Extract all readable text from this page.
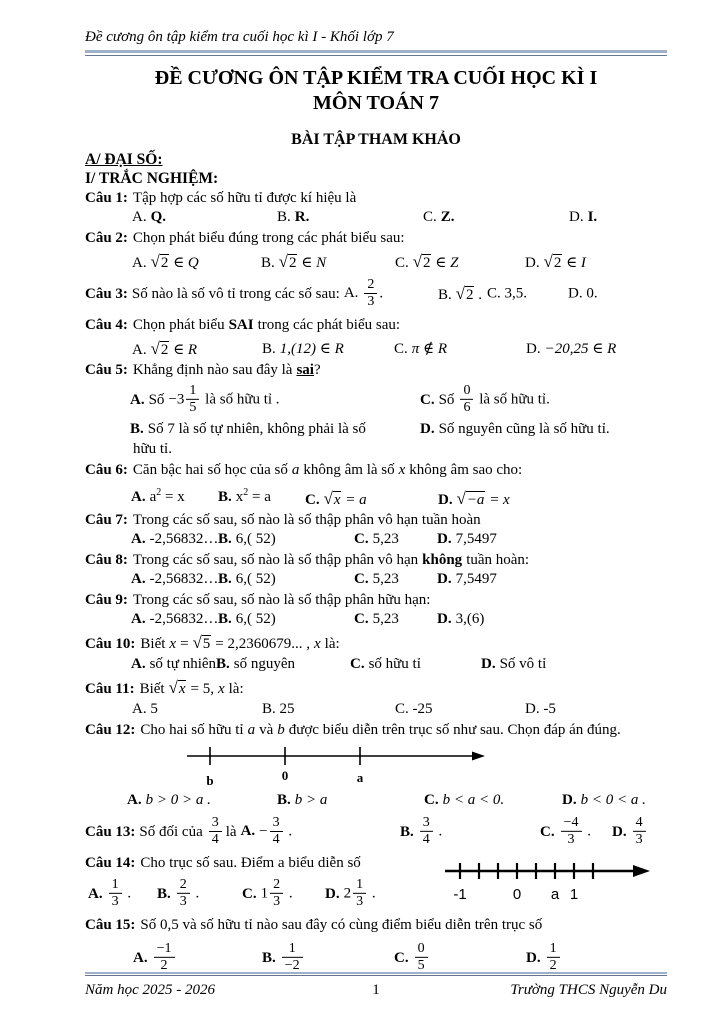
Đề cương ôn tập kiểm tra cuối học kì I - Khối lớp 7
ĐỀ CƯƠNG ÔN TẬP KIỂM TRA CUỐI HỌC KÌ I
MÔN TOÁN 7
BÀI TẬP THAM KHẢO
A/ ĐẠI SỐ:
I/ TRẮC NGHIỆM:
Câu 1: Tập hợp các số hữu tỉ được kí hiệu là
A. Q.	B. R.	C. Z.	D. I.
Câu 2: Chọn phát biểu đúng trong các phát biểu sau:
A. √2 ∈ Q	B. √2 ∈ N	C. √2 ∈ Z	D. √2 ∈ I
Câu 3: Số nào là số vô tỉ trong các số sau: A. $\frac{2}{3}$ .	B. √2 . C. 3,5.	D. 0.
Câu 4: Chọn phát biểu SAI trong các phát biểu sau:
A. √2 ∈ R	B. 1,(12) ∈ R	C. π ∉ R	D. −20,25 ∈ R
Câu 5: Khẳng định nào sau đây là sai?
A. Số $-3 \frac{1}{5}$ là số hữu tỉ .	C. Số $\frac{0}{6}$ là số hữu tỉ.
B. Số 7 là số tự nhiên, không phải là số	D. Số nguyên cũng là số hữu tỉ.
hữu tỉ.
Câu 6: Căn bậc hai số học của số a không âm là số x không âm sao cho:
A. $a^2 = x$ B. $x^2 = a$ C. √x = a	D. √−a = x
Câu 7: Trong các số sau, số nào là số thập phân vô hạn tuần hoàn
A. -2,56832… B. 6,( 52)	C. 5,23	D. 7,5497
Câu 8: Trong các số sau, số nào là số thập phân vô hạn không tuần hoàn:
A. -2,56832… B. 6,( 52)	C. 5,23	D. 7,5497
Câu 9: Trong các số sau, số nào là số thập phân hữu hạn:
A. -2,56832… B. 6,( 52)	C. 5,23	D. 3,(6)
Câu 10: Biết x = √5 = 2,2360679... , x là:
A. số tự nhiên B. số nguyên	C. số hữu tỉ	D. Số vô tỉ
Câu 11: Biết √x = 5, x là:
A. 5	B. 25	C. -25	D. -5
Câu 12: Cho hai số hữu tỉ a và b được biểu diễn trên trục số như sau. Chọn đáp án đúng.
b	0	a
A. b > 0 > a .	B. b > a	C. b < a < 0.	D. b < 0 < a .
Câu 13: Số đối của $\frac{3}{4}$ là A. − $\frac{3}{4}$ .	B. $\frac{3}{4}$ .	C. $\frac{-4}{3}$ . D. $\frac{4}{3}$
Câu 14: Cho trục số sau. Điểm a biểu diễn số
A. $\frac{1}{3}$ . B. $\frac{2}{3}$ .	C. $1 \frac{2}{3}$ . D. $2 \frac{1}{3}$ .	-1	0 a 1
Câu 15: Số 0,5 và số hữu tỉ nào sau đây có cùng điểm biểu diễn trên trục số
A. $\frac{-1}{2}$	B. $\frac{1}{-2}$	C. $\frac{0}{5}$	D. $\frac{1}{2}$
Năm học 2025 - 2026	1	Trường THCS Nguyễn Du
